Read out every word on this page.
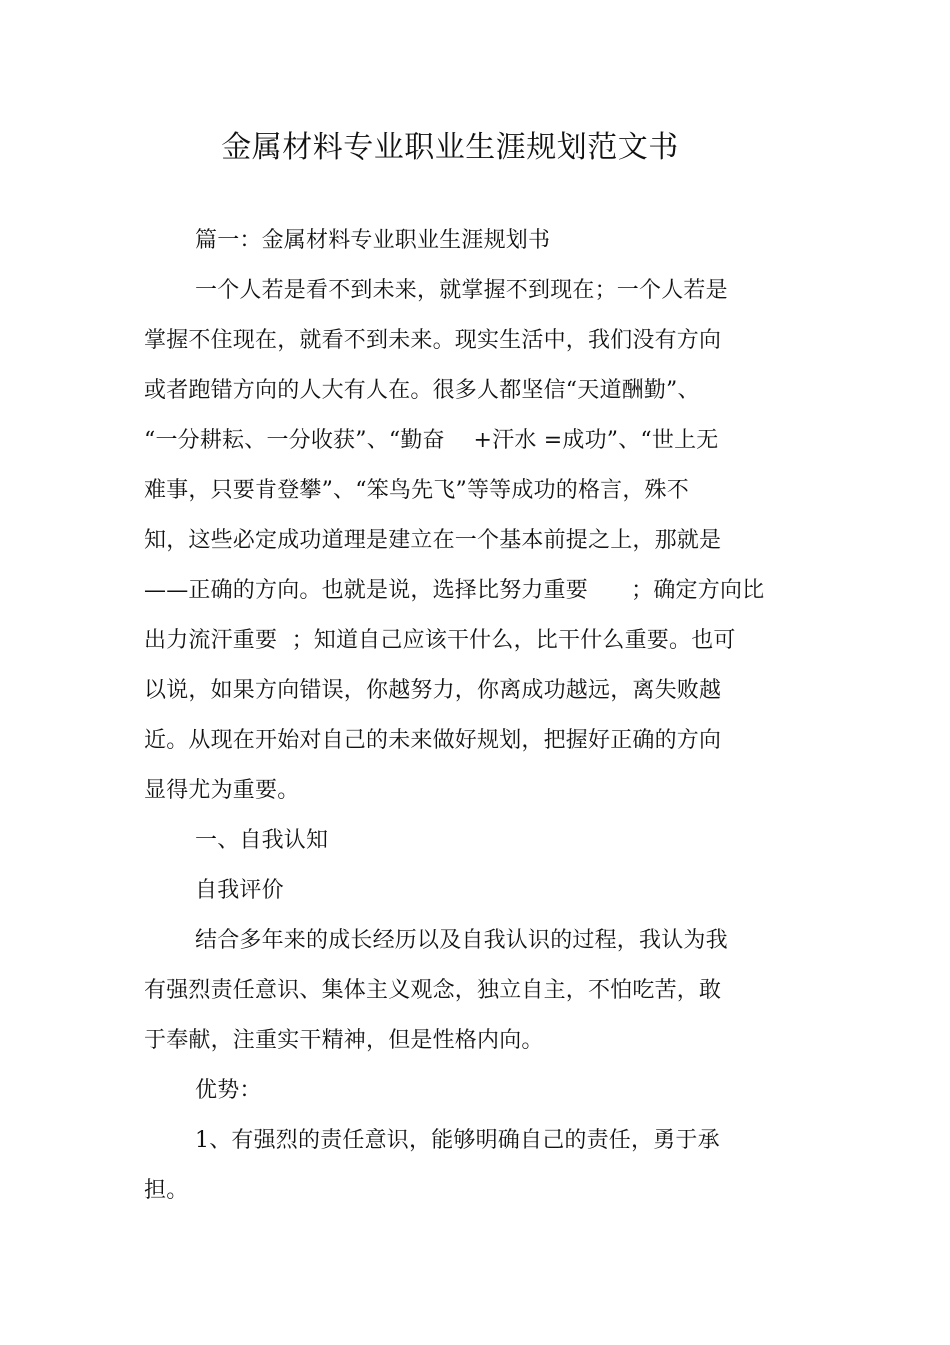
金属材料专业职业生涯规划范文书
篇一：金属材料专业职业生涯规划书
一个人若是看不到未来，就掌握不到现在；一个人若是
掌握不住现在，就看不到未来。现实生活中，我们没有方向
或者跑错方向的人大有人在。很多人都坚信“天道酬勤”、
“一分耕耘、一分收获”、“勤奋    +汗水 =成功”、“世上无
难事，只要肯登攀”、“笨鸟先飞”等等成功的格言，殊不
知，这些必定成功道理是建立在一个基本前提之上，那就是
——正确的方向。也就是说，选择比努力重要      ；确定方向比
出力流汗重要  ；知道自己应该干什么，比干什么重要。也可
以说，如果方向错误，你越努力，你离成功越远，离失败越
近。从现在开始对自己的未来做好规划，把握好正确的方向
显得尤为重要。
一、自我认知
自我评价
结合多年来的成长经历以及自我认识的过程，我认为我
有强烈责任意识、集体主义观念，独立自主，不怕吃苦，敢
于奉献，注重实干精神，但是性格内向。
优势：
1、有强烈的责任意识，能够明确自己的责任，勇于承
担。
